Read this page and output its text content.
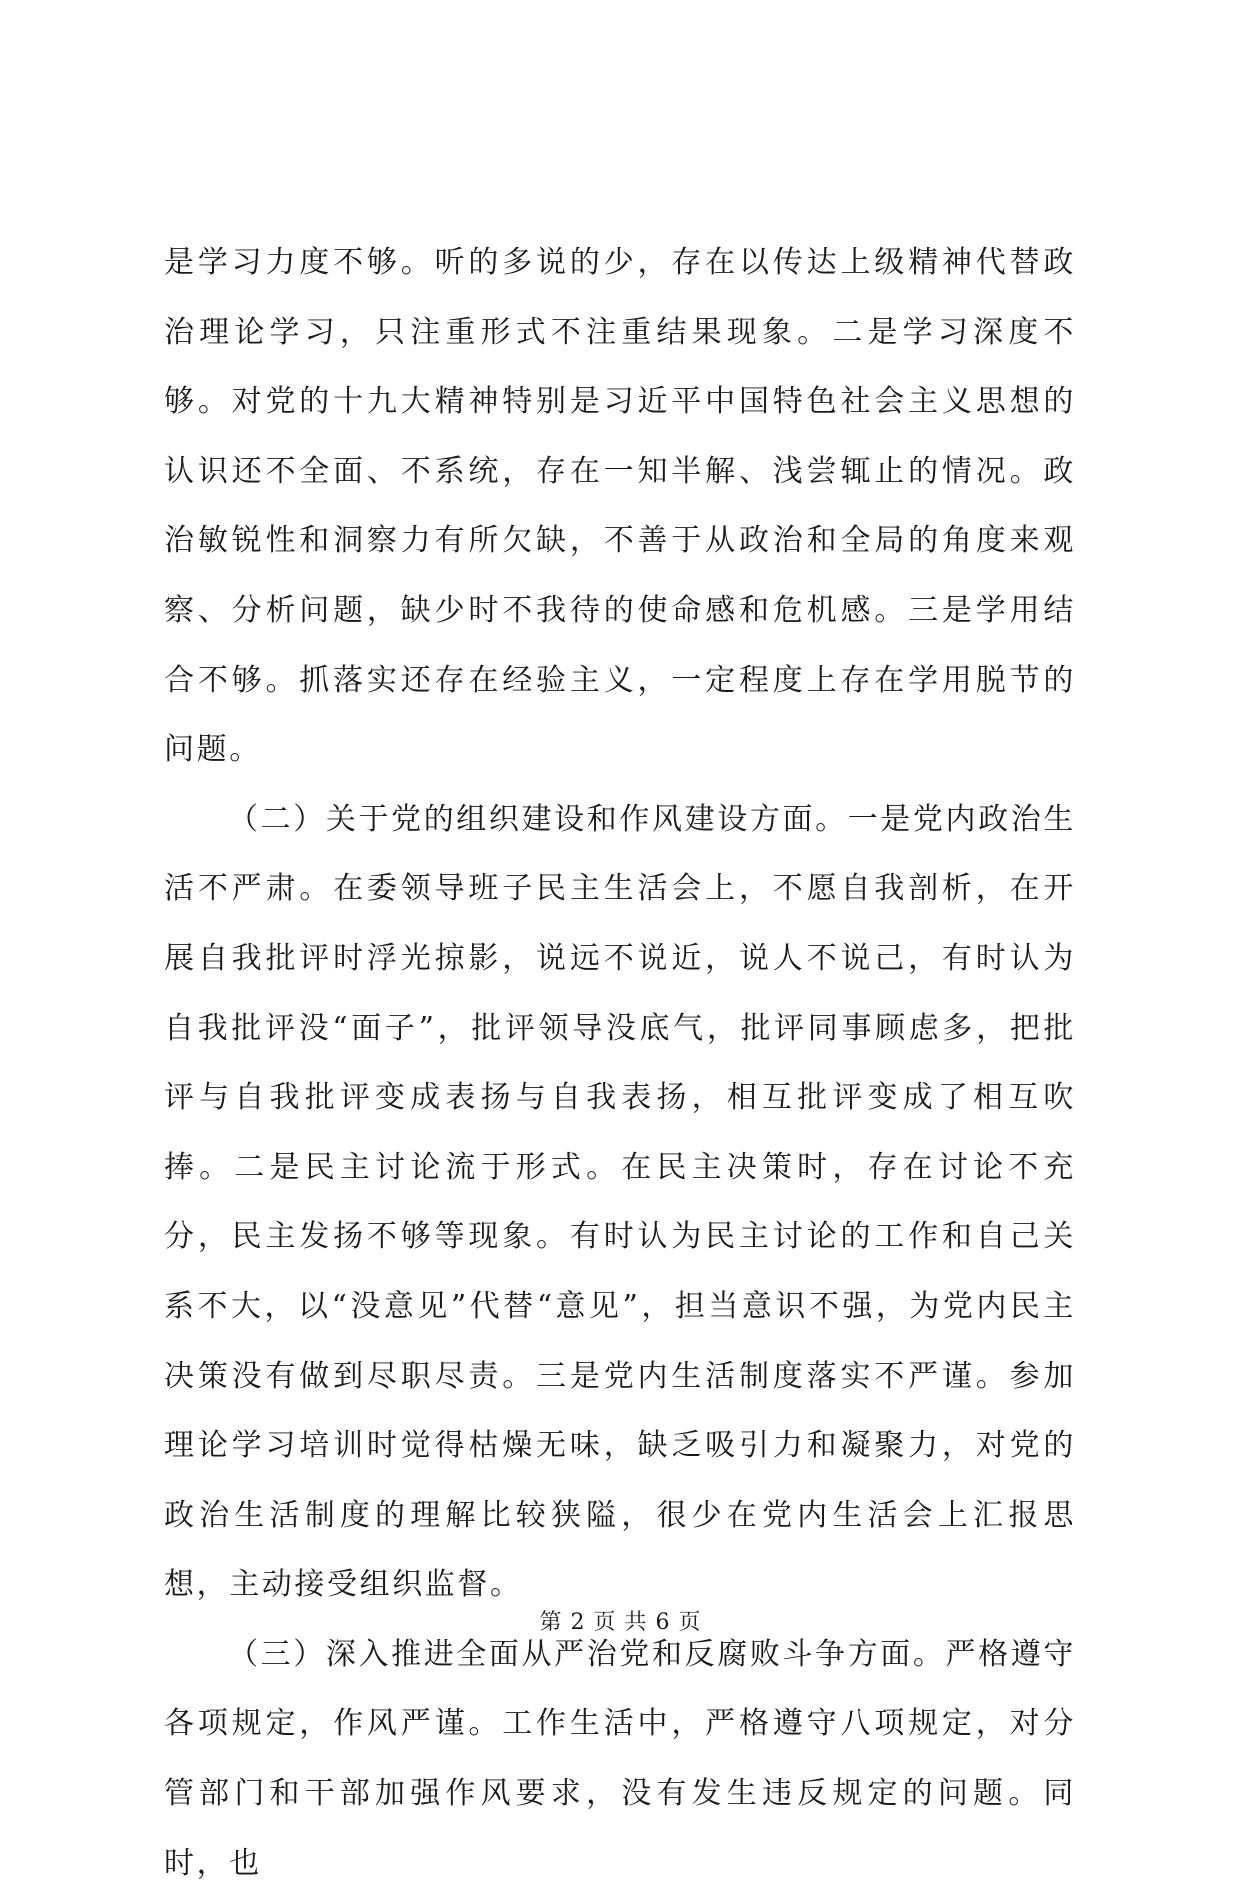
是学习力度不够。听的多说的少，存在以传达上级精神代替政治理论学习，只注重形式不注重结果现象。二是学习深度不够。对党的十九大精神特别是习近平中国特色社会主义思想的认识还不全面、不系统，存在一知半解、浅尝辄止的情况。政治敏锐性和洞察力有所欠缺，不善于从政治和全局的角度来观察、分析问题，缺少时不我待的使命感和危机感。三是学用结合不够。抓落实还存在经验主义，一定程度上存在学用脱节的问题。

（二）关于党的组织建设和作风建设方面。一是党内政治生活不严肃。在委领导班子民主生活会上，不愿自我剖析，在开展自我批评时浮光掠影，说远不说近，说人不说己，有时认为自我批评没“面子”，批评领导没底气，批评同事顾虑多，把批评与自我批评变成表扬与自我表扬，相互批评变成了相互吹捧。二是民主讨论流于形式。在民主决策时，存在讨论不充分，民主发扬不够等现象。有时认为民主讨论的工作和自己关系不大，以“没意见”代替“意见”，担当意识不强，为党内民主决策没有做到尽职尽责。三是党内生活制度落实不严谨。参加理论学习培训时觉得枯燥无味，缺乏吸引力和凝聚力，对党的政治生活制度的理解比较狭隘，很少在党内生活会上汇报思想，主动接受组织监督。

（三）深入推进全面从严治党和反腐败斗争方面。严格遵守各项规定，作风严谨。工作生活中，严格遵守八项规定，对分管部门和干部加强作风要求，没有发生违反规定的问题。同时，也

第 2 页 共 6 页
